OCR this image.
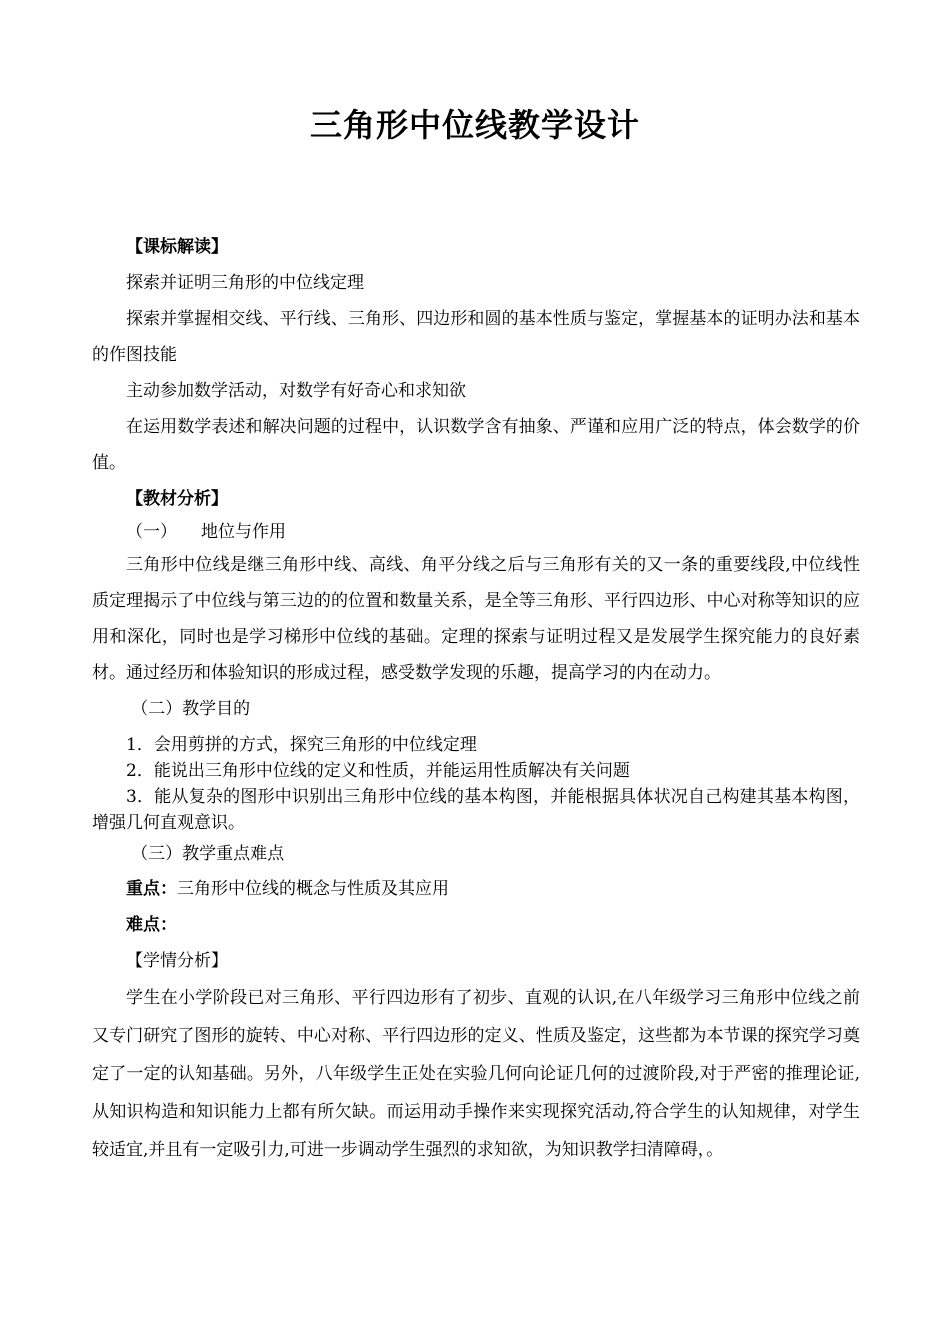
三角形中位线教学设计

【课标解读】

探索并证明三角形的中位线定理

探索并掌握相交线、平行线、三角形、四边形和圆的基本性质与鉴定，掌握基本的证明办法和基本的作图技能

主动参加数学活动，对数学有好奇心和求知欲

在运用数学表述和解决问题的过程中，认识数学含有抽象、严谨和应用广泛的特点，体会数学的价值。

【教材分析】

（一） 地位与作用

三角形中位线是继三角形中线、高线、角平分线之后与三角形有关的又一条的重要线段,中位线性质定理揭示了中位线与第三边的的位置和数量关系，是全等三角形、平行四边形、中心对称等知识的应用和深化，同时也是学习梯形中位线的基础。定理的探索与证明过程又是发展学生探究能力的良好素材。通过经历和体验知识的形成过程，感受数学发现的乐趣，提高学习的内在动力。

（二）教学目的

1．会用剪拼的方式，探究三角形的中位线定理

2．能说出三角形中位线的定义和性质，并能运用性质解决有关问题

3．能从复杂的图形中识别出三角形中位线的基本构图，并能根据具体状况自己构建其基本构图，增强几何直观意识。

（三）教学重点难点

重点：三角形中位线的概念与性质及其应用

难点：

【学情分析】

学生在小学阶段已对三角形、平行四边形有了初步、直观的认识,在八年级学习三角形中位线之前又专门研究了图形的旋转、中心对称、平行四边形的定义、性质及鉴定，这些都为本节课的探究学习奠定了一定的认知基础。另外，八年级学生正处在实验几何向论证几何的过渡阶段,对于严密的推理论证,从知识构造和知识能力上都有所欠缺。而运用动手操作来实现探究活动,符合学生的认知规律，对学生较适宜,并且有一定吸引力,可进一步调动学生强烈的求知欲，为知识教学扫清障碍，。
